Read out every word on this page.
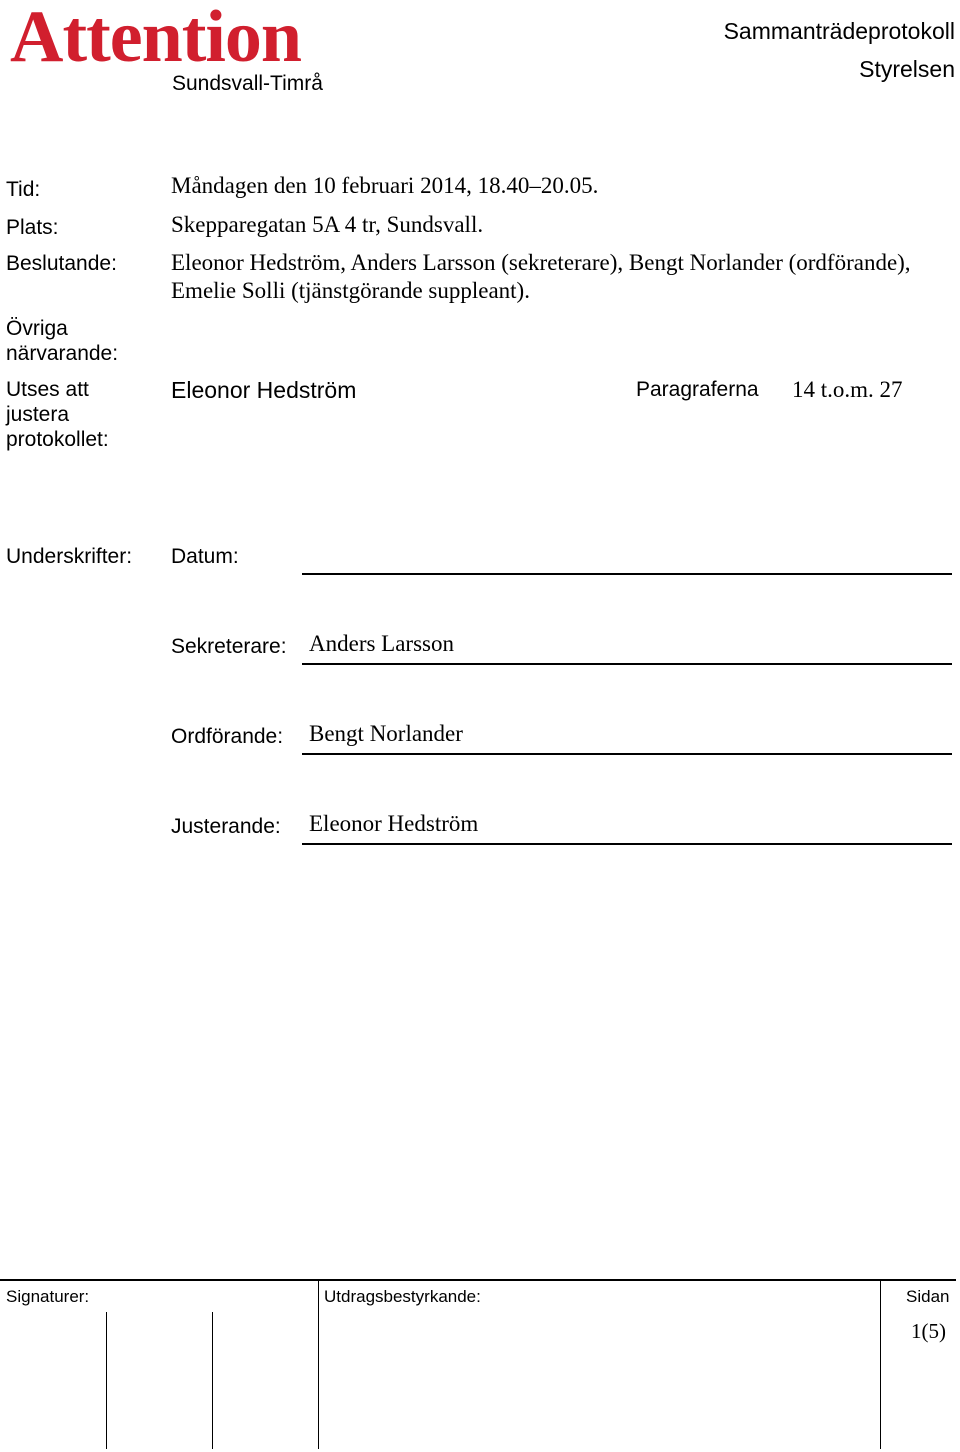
Attention
Sundsvall-Timrå
Sammanträdeprotokoll
Styrelsen
Tid:	Måndagen den 10 februari 2014, 18.40–20.05.
Plats:	Skepparegatan 5A 4 tr, Sundsvall.
Beslutande: Eleonor Hedström, Anders Larsson (sekreterare), Bengt Norlander (ordförande),
Emelie Solli (tjänstgörande suppleant).
Övriga
närvarande:
Utses att
justera
protokollet:
Eleonor Hedström	Paragraferna 14 t.o.m. 27
Underskrifter: Datum:
Sekreterare: Anders Larsson
Ordförande: Bengt Norlander
Justerande: Eleonor Hedström
Signaturer:	Utdragsbestyrkande:	Sidan
1(5)
